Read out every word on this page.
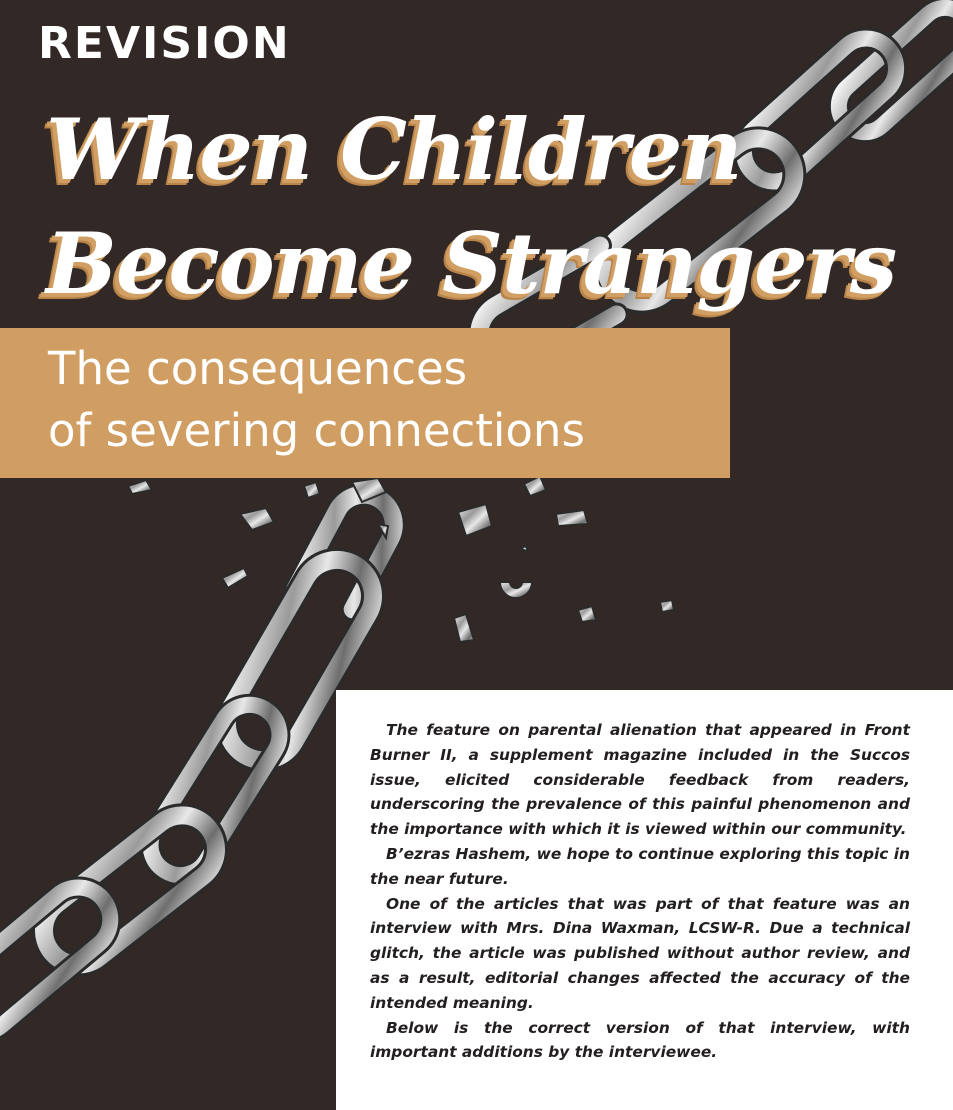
REVISION
When Children
Become Strangers
The consequences
of severing connections

The feature on parental alienation that appeared in Front Burner II, a supplement magazine included in the Succos issue, elicited considerable feedback from readers, underscoring the prevalence of this painful phenomenon and the importance with which it is viewed within our community.

B’ezras Hashem, we hope to continue exploring this topic in the near future.

One of the articles that was part of that feature was an interview with Mrs. Dina Waxman, LCSW-R. Due a technical glitch, the article was published without author review, and as a result, editorial changes affected the accuracy of the intended meaning.

Below is the correct version of that interview, with important additions by the interviewee.
